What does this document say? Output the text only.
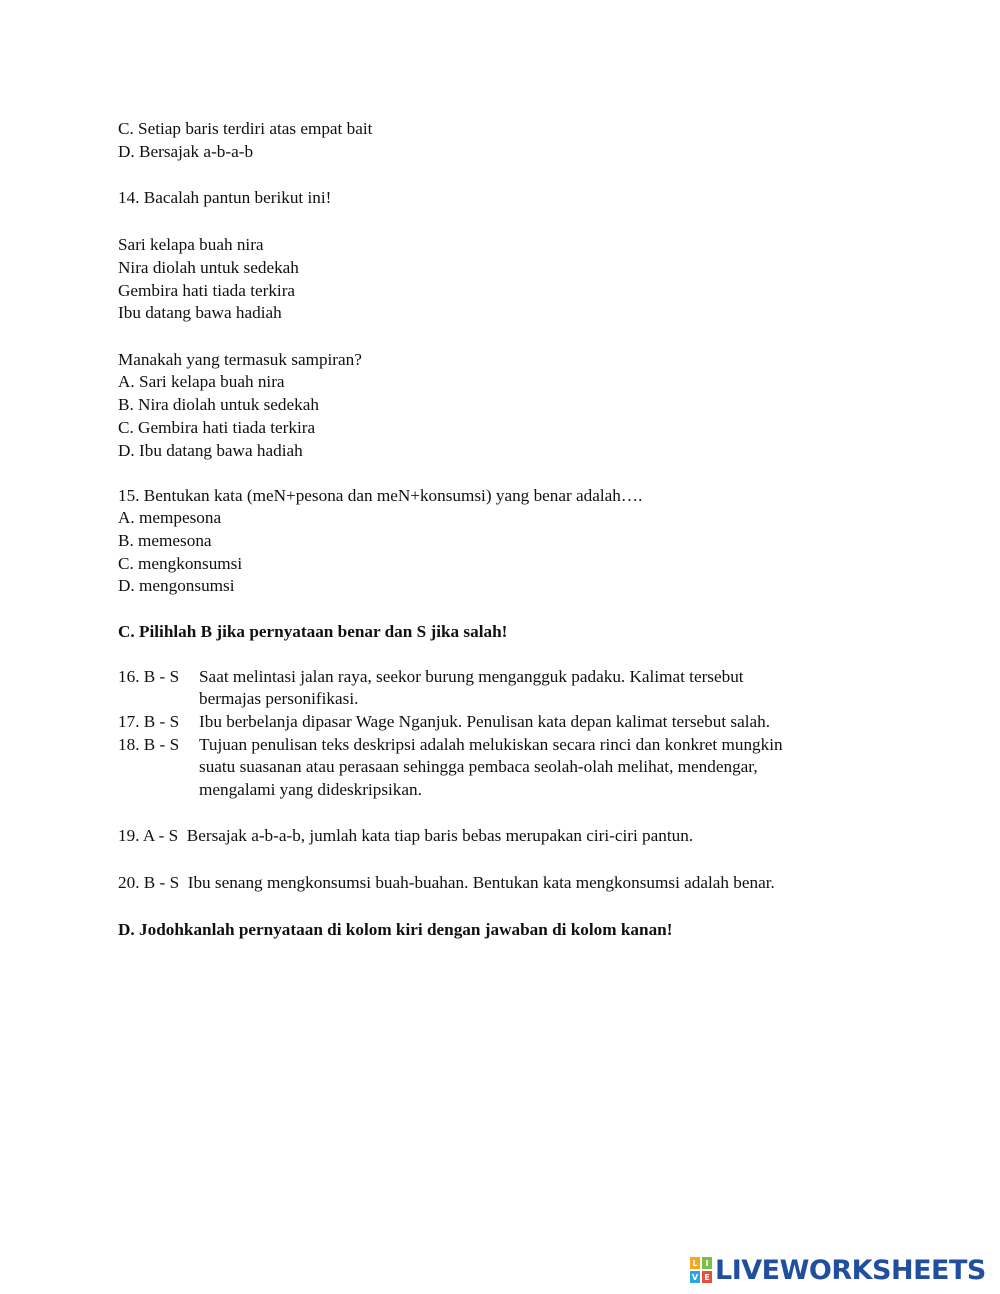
C. Setiap baris terdiri atas empat bait
D. Bersajak a-b-a-b
14. Bacalah pantun berikut ini!
Sari kelapa buah nira
Nira diolah untuk sedekah
Gembira hati tiada terkira
Ibu datang bawa hadiah
Manakah yang termasuk sampiran?
A. Sari kelapa buah nira
B. Nira diolah untuk sedekah
C. Gembira hati tiada terkira
D. Ibu datang bawa hadiah
15. Bentukan kata (meN+pesona dan meN+konsumsi) yang benar adalah….
A. mempesona
B. memesona
C. mengkonsumsi
D. mengonsumsi
C. Pilihlah B jika pernyataan benar dan S jika salah!
16. B - S Saat melintasi jalan raya, seekor burung mengangguk padaku. Kalimat tersebut
bermajas personifikasi.
17. B - S Ibu berbelanja dipasar Wage Nganjuk. Penulisan kata depan kalimat tersebut salah.
18. B - S Tujuan penulisan teks deskripsi adalah melukiskan secara rinci dan konkret mungkin
suatu suasanan atau perasaan sehingga pembaca seolah-olah melihat, mendengar,
mengalami yang dideskripsikan.
19. A - S Bersajak a-b-a-b, jumlah kata tiap baris bebas merupakan ciri-ciri pantun.
20. B - S Ibu senang mengkonsumsi buah-buahan. Bentukan kata mengkonsumsi adalah benar.
D. Jodohkanlah pernyataan di kolom kiri dengan jawaban di kolom kanan!
L I
V E LIVEWORKSHEETS
